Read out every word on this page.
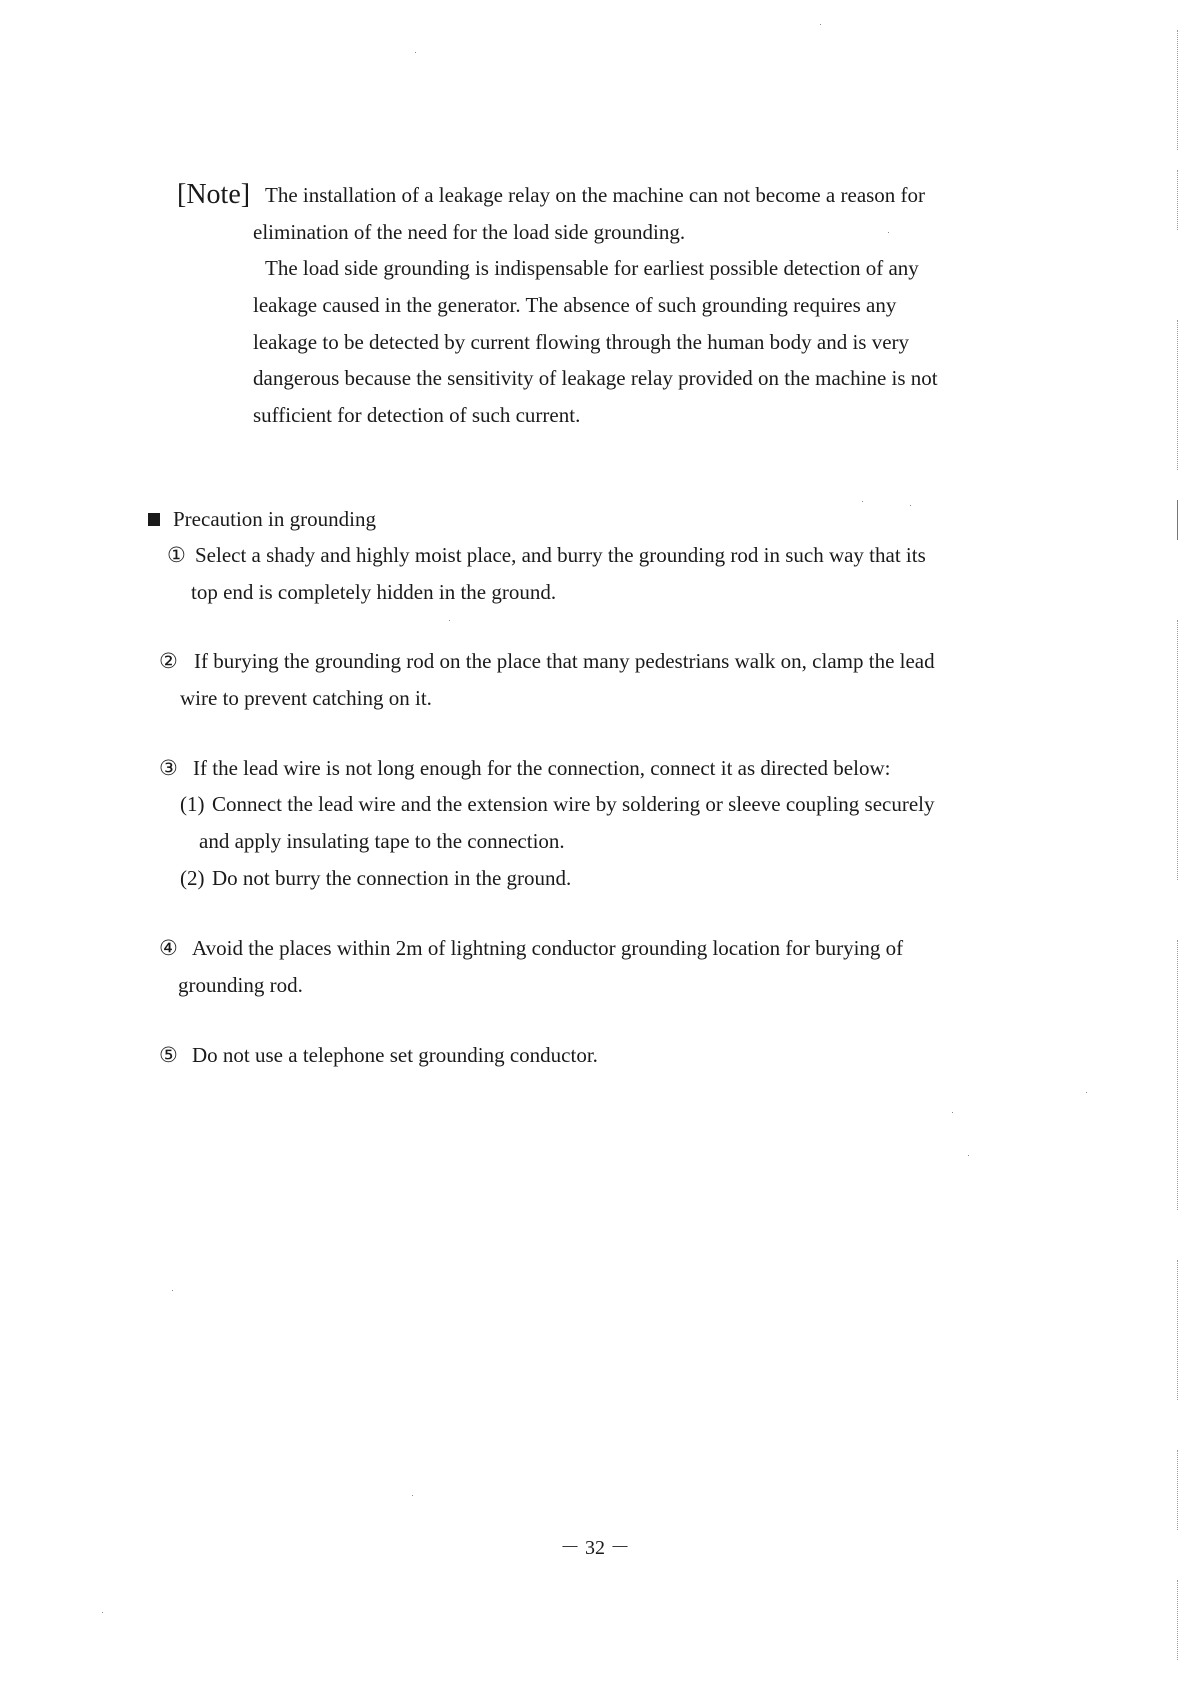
[Note] The installation of a leakage relay on the machine can not become a reason for
elimination of the need for the load side grounding.
The load side grounding is indispensable for earliest possible detection of any
leakage caused in the generator. The absence of such grounding requires any
leakage to be detected by current flowing through the human body and is very
dangerous because the sensitivity of leakage relay provided on the machine is not
sufficient for detection of such current.
Precaution in grounding
① Select a shady and highly moist place, and burry the grounding rod in such way that its
top end is completely hidden in the ground.
② If burying the grounding rod on the place that many pedestrians walk on, clamp the lead
wire to prevent catching on it.
③ If the lead wire is not long enough for the connection, connect it as directed below:
(1) Connect the lead wire and the extension wire by soldering or sleeve coupling securely
and apply insulating tape to the connection.
(2) Do not burry the connection in the ground.
④ Avoid the places within 2m of lightning conductor grounding location for burying of
grounding rod.
⑤ Do not use a telephone set grounding conductor.
－ 32 －
